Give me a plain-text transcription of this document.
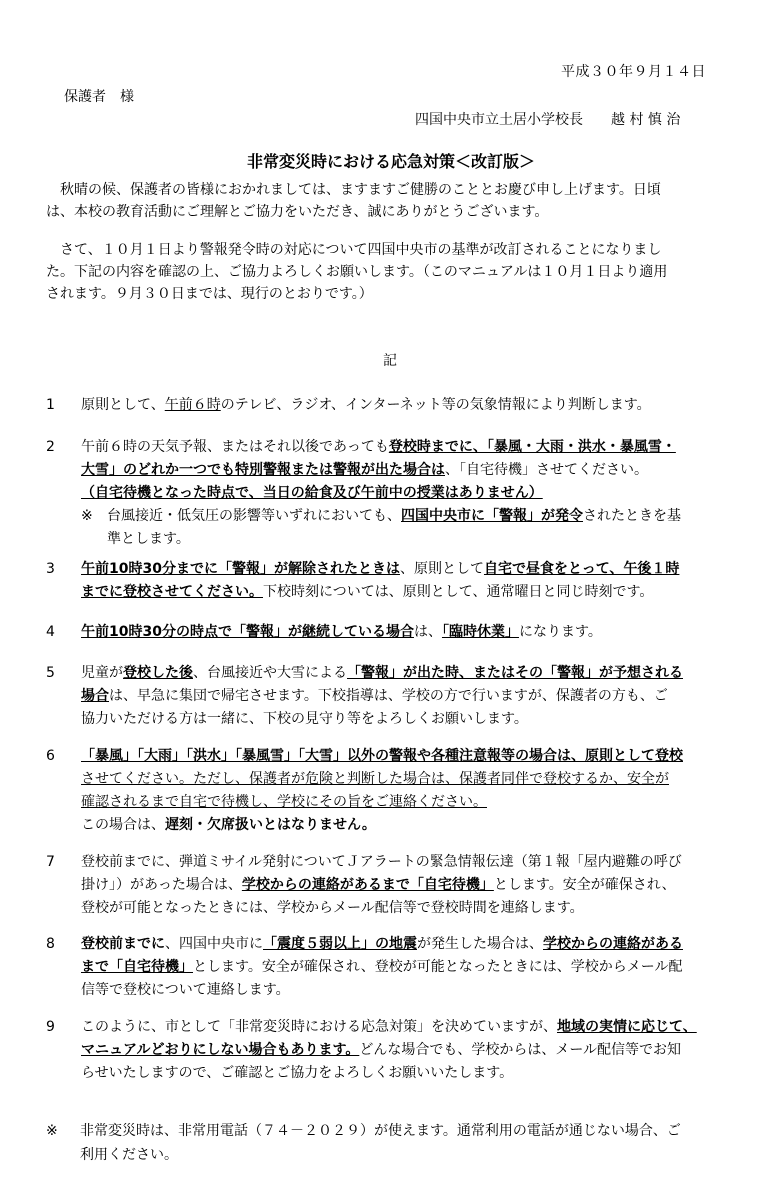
平成３０年９月１４日
保護者　様
四国中央市立土居小学校長　　越 村 慎 治
非常変災時における応急対策＜改訂版＞
　秋晴の候、保護者の皆様におかれましては、ますますご健勝のこととお慶び申し上げます。日頃
は、本校の教育活動にご理解とご協力をいただき、誠にありがとうございます。
　さて、１０月１日より警報発令時の対応について四国中央市の基準が改訂されることになりまし
た。下記の内容を確認の上、ご協力よろしくお願いします。（このマニュアルは１０月１日より適用
されます。９月３０日までは、現行のとおりです。）
記
1	原則として、午前６時のテレビ、ラジオ、インターネット等の気象情報により判断します。
2	午前６時の天気予報、またはそれ以後であっても登校時までに、「暴風・大雨・洪水・暴風雪・
大雪」のどれか一つでも特別警報または警報が出た場合は、「自宅待機」させてください。
（自宅待機となった時点で、当日の給食及び午前中の授業はありません）
※ 台風接近・低気圧の影響等いずれにおいても、四国中央市に「警報」が発令されたときを基
準とします。
3	午前10時30分までに「警報」が解除されたときは、原則として自宅で昼食をとって、午後１時
までに登校させてください。下校時刻については、原則として、通常曜日と同じ時刻です。
4	午前10時30分の時点で「警報」が継続している場合は、「臨時休業」になります。
5	児童が登校した後、台風接近や大雪による「警報」が出た時、またはその「警報」が予想される
場合は、早急に集団で帰宅させます。下校指導は、学校の方で行いますが、保護者の方も、ご
協力いただける方は一緒に、下校の見守り等をよろしくお願いします。
6	「暴風」「大雨」「洪水」「暴風雪」「大雪」以外の警報や各種注意報等の場合は、原則として登校
させてください。ただし、保護者が危険と判断した場合は、保護者同伴で登校するか、安全が
確認されるまで自宅で待機し、学校にその旨をご連絡ください。
この場合は、遅刻・欠席扱いとはなりません。
7	登校前までに、弾道ミサイル発射についてＪアラートの緊急情報伝達（第１報「屋内避難の呼び
掛け」）があった場合は、学校からの連絡があるまで「自宅待機」とします。安全が確保され、
登校が可能となったときには、学校からメール配信等で登校時間を連絡します。
8	登校前までに、四国中央市に「震度５弱以上」の地震が発生した場合は、学校からの連絡がある
まで「自宅待機」とします。安全が確保され、登校が可能となったときには、学校からメール配
信等で登校について連絡します。
9	このように、市として「非常変災時における応急対策」を決めていますが、地域の実情に応じて、
マニュアルどおりにしない場合もあります。どんな場合でも、学校からは、メール配信等でお知
らせいたしますので、ご確認とご協力をよろしくお願いいたします。
※ 非常変災時は、非常用電話（７４－２０２９）が使えます。通常利用の電話が通じない場合、ご
利用ください。
